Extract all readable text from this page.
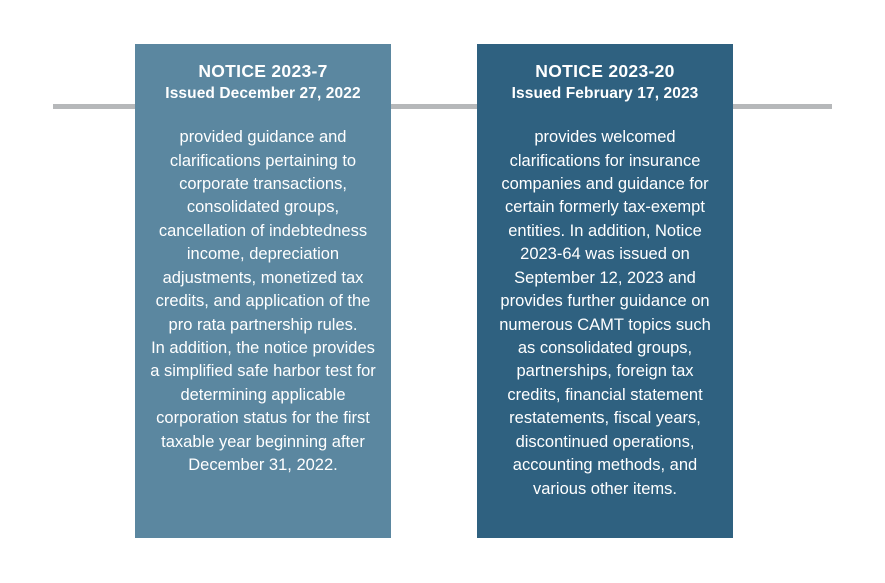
NOTICE 2023-7
Issued December 27, 2022

provided guidance and clarifications pertaining to corporate transactions, consolidated groups, cancellation of indebtedness income, depreciation adjustments, monetized tax credits, and application of the pro rata partnership rules.

In addition, the notice provides a simplified safe harbor test for determining applicable corporation status for the first taxable year beginning after December 31, 2022.

NOTICE 2023-20
Issued February 17, 2023

provides welcomed clarifications for insurance companies and guidance for certain formerly tax-exempt entities. In addition, Notice 2023-64 was issued on September 12, 2023 and provides further guidance on numerous CAMT topics such as consolidated groups, partnerships, foreign tax credits, financial statement restatements, fiscal years, discontinued operations, accounting methods, and various other items.
